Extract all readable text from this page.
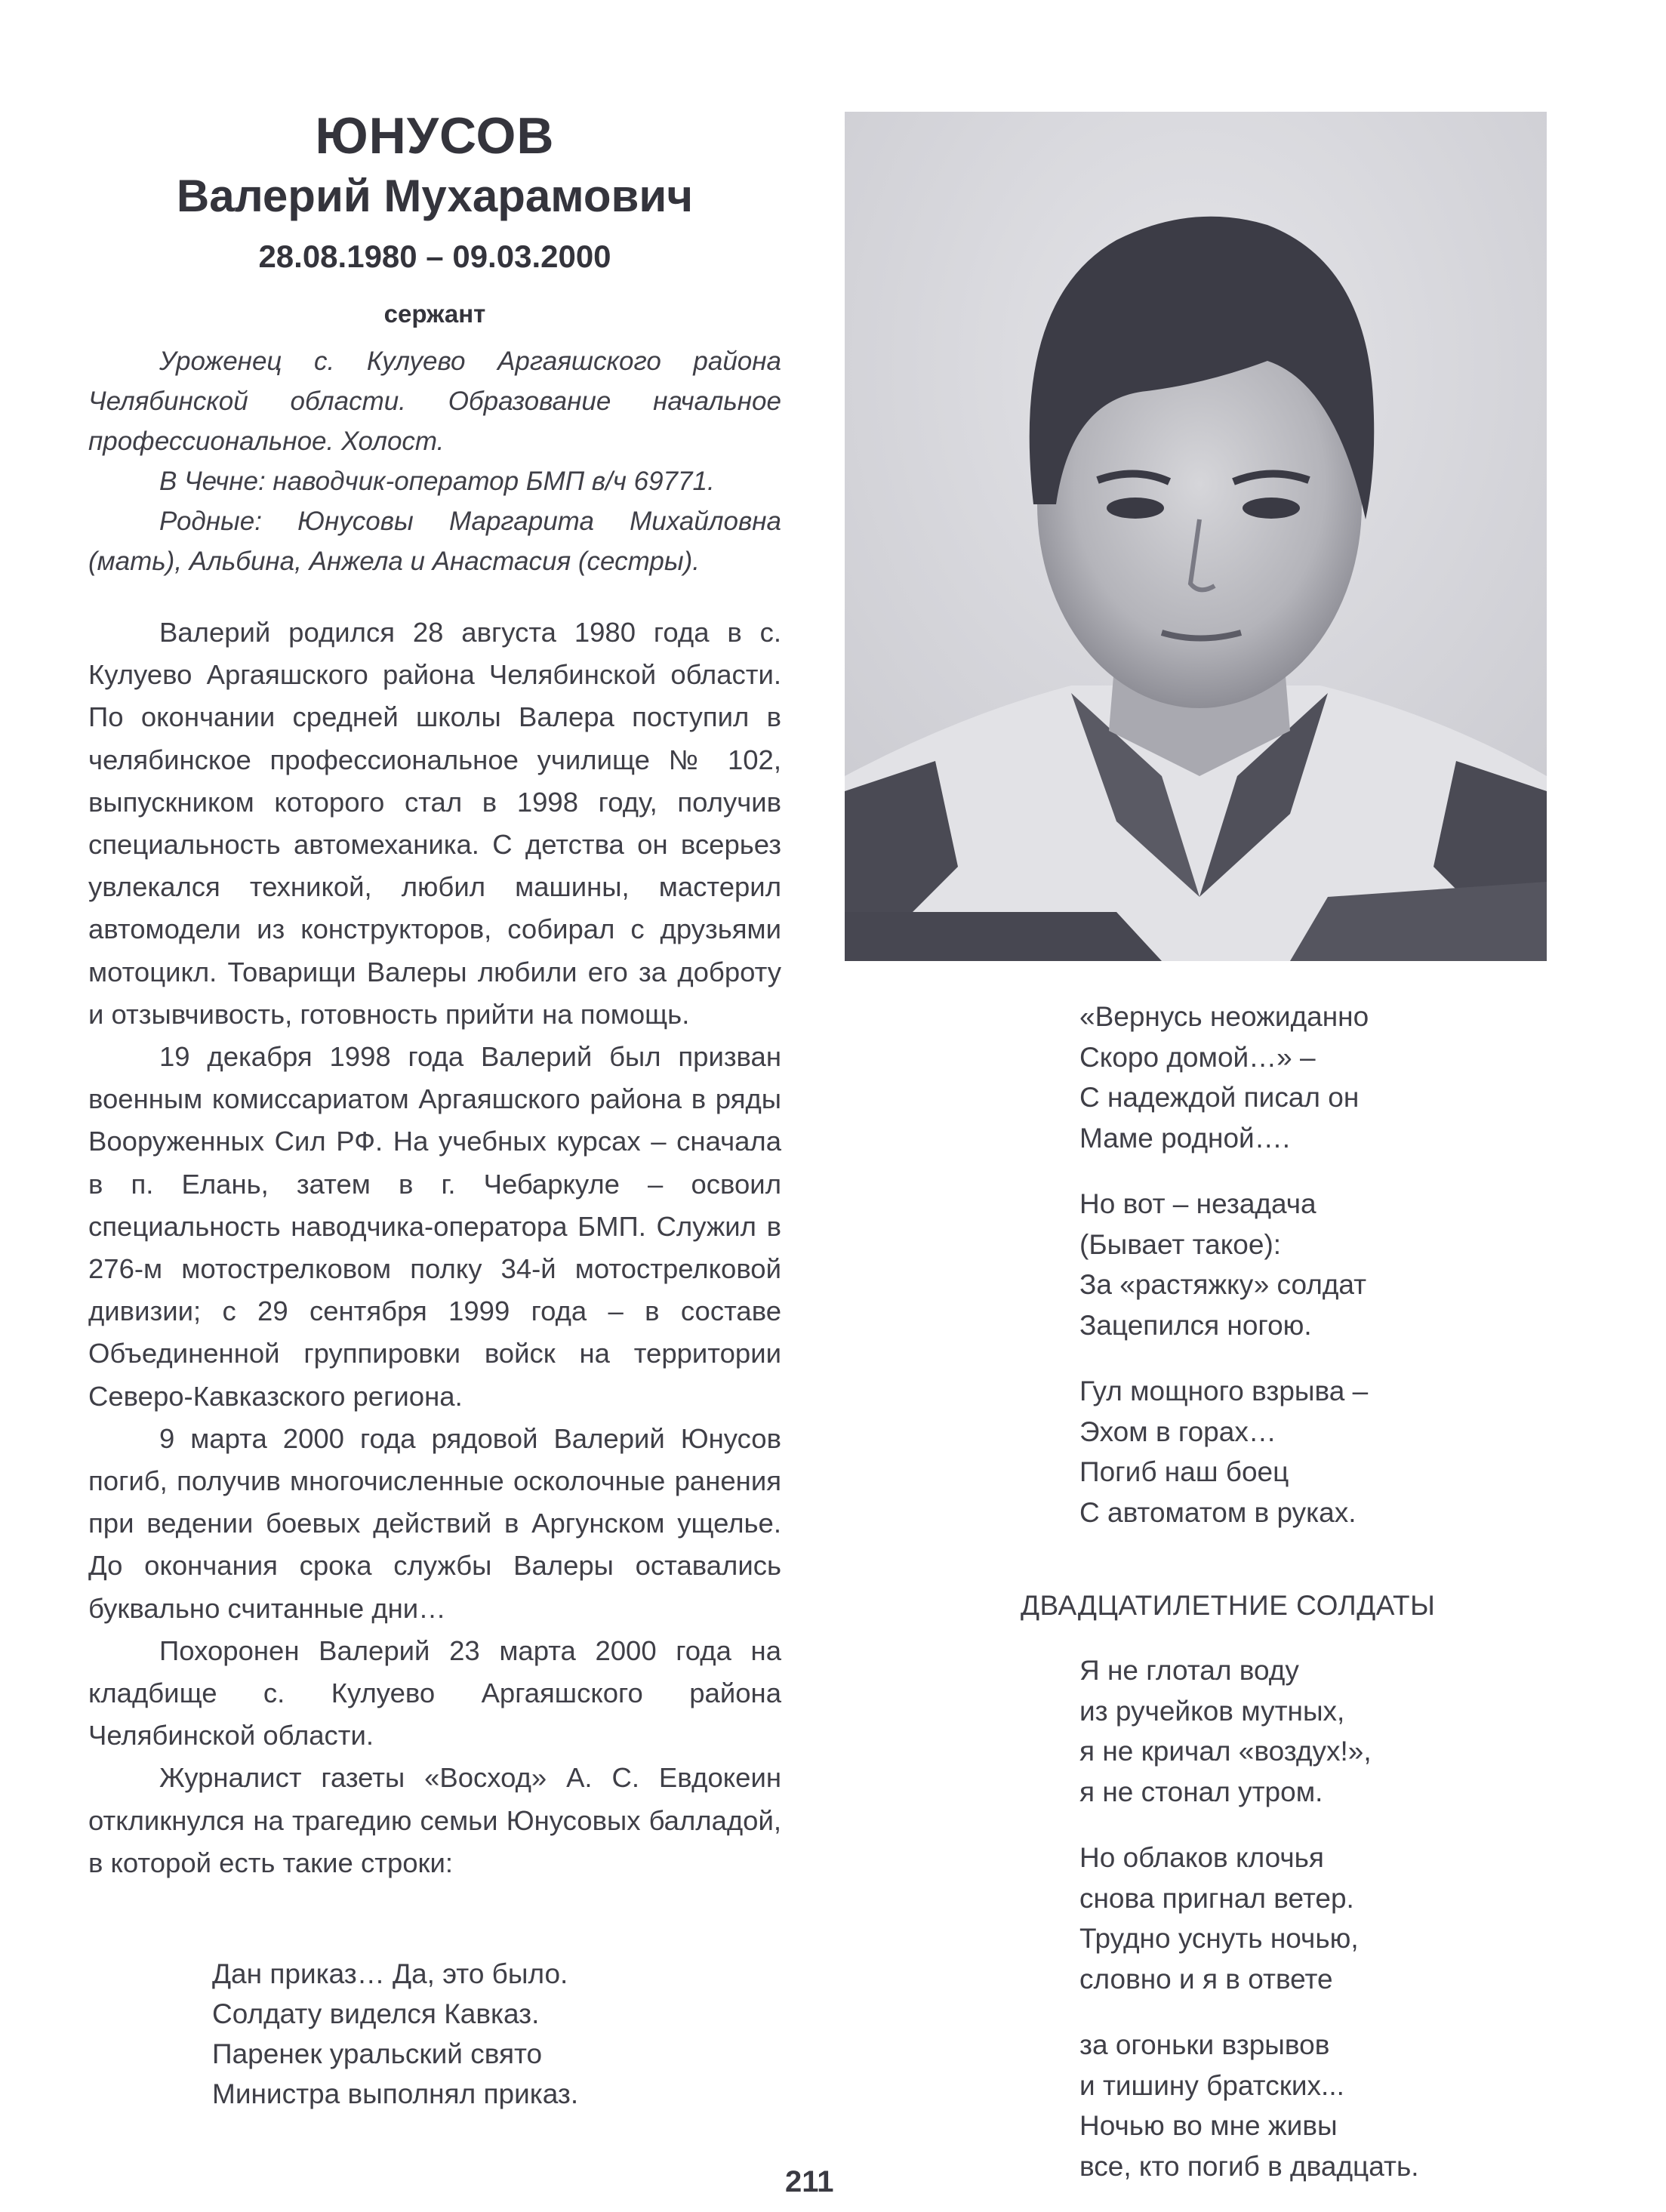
ЮНУСОВ
Валерий Мухарамович
28.08.1980 – 09.03.2000
сержант

Уроженец с. Кулуево Аргаяшского района Челябинской области. Образование начальное профессиональное. Холост.

В Чечне: наводчик-оператор БМП в/ч 69771.

Родные: Юнусовы Маргарита Михайловна (мать), Альбина, Анжела и Анастасия (сестры).

Валерий родился 28 августа 1980 года в с. Кулуево Аргаяшского района Челябинской области. По окончании средней школы Валера поступил в челябинское профессиональное училище № 102, выпускником которого стал в 1998 году, получив специальность автомеханика. С детства он всерьез увлекался техникой, любил машины, мастерил автомодели из конструкторов, собирал с друзьями мотоцикл. Товарищи Валеры любили его за доброту и отзывчивость, готовность прийти на помощь.

19 декабря 1998 года Валерий был призван военным комиссариатом Аргаяшского района в ряды Вооруженных Сил РФ. На учебных курсах – сначала в п. Елань, затем в г. Чебаркуле – освоил специальность наводчика-оператора БМП. Служил в 276-м мотострелковом полку 34-й мотострелковой дивизии; с 29 сентября 1999 года – в составе Объединенной группировки войск на территории Северо-Кавказского региона.

9 марта 2000 года рядовой Валерий Юнусов погиб, получив многочисленные осколочные ранения при ведении боевых действий в Аргунском ущелье. До окончания срока службы Валеры оставались буквально считанные дни…

Похоронен Валерий 23 марта 2000 года на кладбище с. Кулуево Аргаяшского района Челябинской области.

Журналист газеты «Восход» А. С. Евдокеин откликнулся на трагедию семьи Юнусовых балладой, в которой есть такие строки:

Дан приказ… Да, это было.
Солдату виделся Кавказ.
Паренек уральский свято
Министра выполнял приказ.
«Вернусь неожиданно
Скоро домой…» –
С надеждой писал он
Маме родной….
Но вот – незадача
(Бывает такое):
За «растяжку» солдат
Зацепился ногою.
Гул мощного взрыва –
Эхом в горах…
Погиб наш боец
С автоматом в руках.
ДВАДЦАТИЛЕТНИЕ СОЛДАТЫ
Я не глотал воду
из ручейков мутных,
я не кричал «воздух!»,
я не стонал утром.
Но облаков клочья
снова пригнал ветер.
Трудно уснуть ночью,
словно и я в ответе
за огоньки взрывов
и тишину братских...
Ночью во мне живы
все, кто погиб в двадцать.
211
